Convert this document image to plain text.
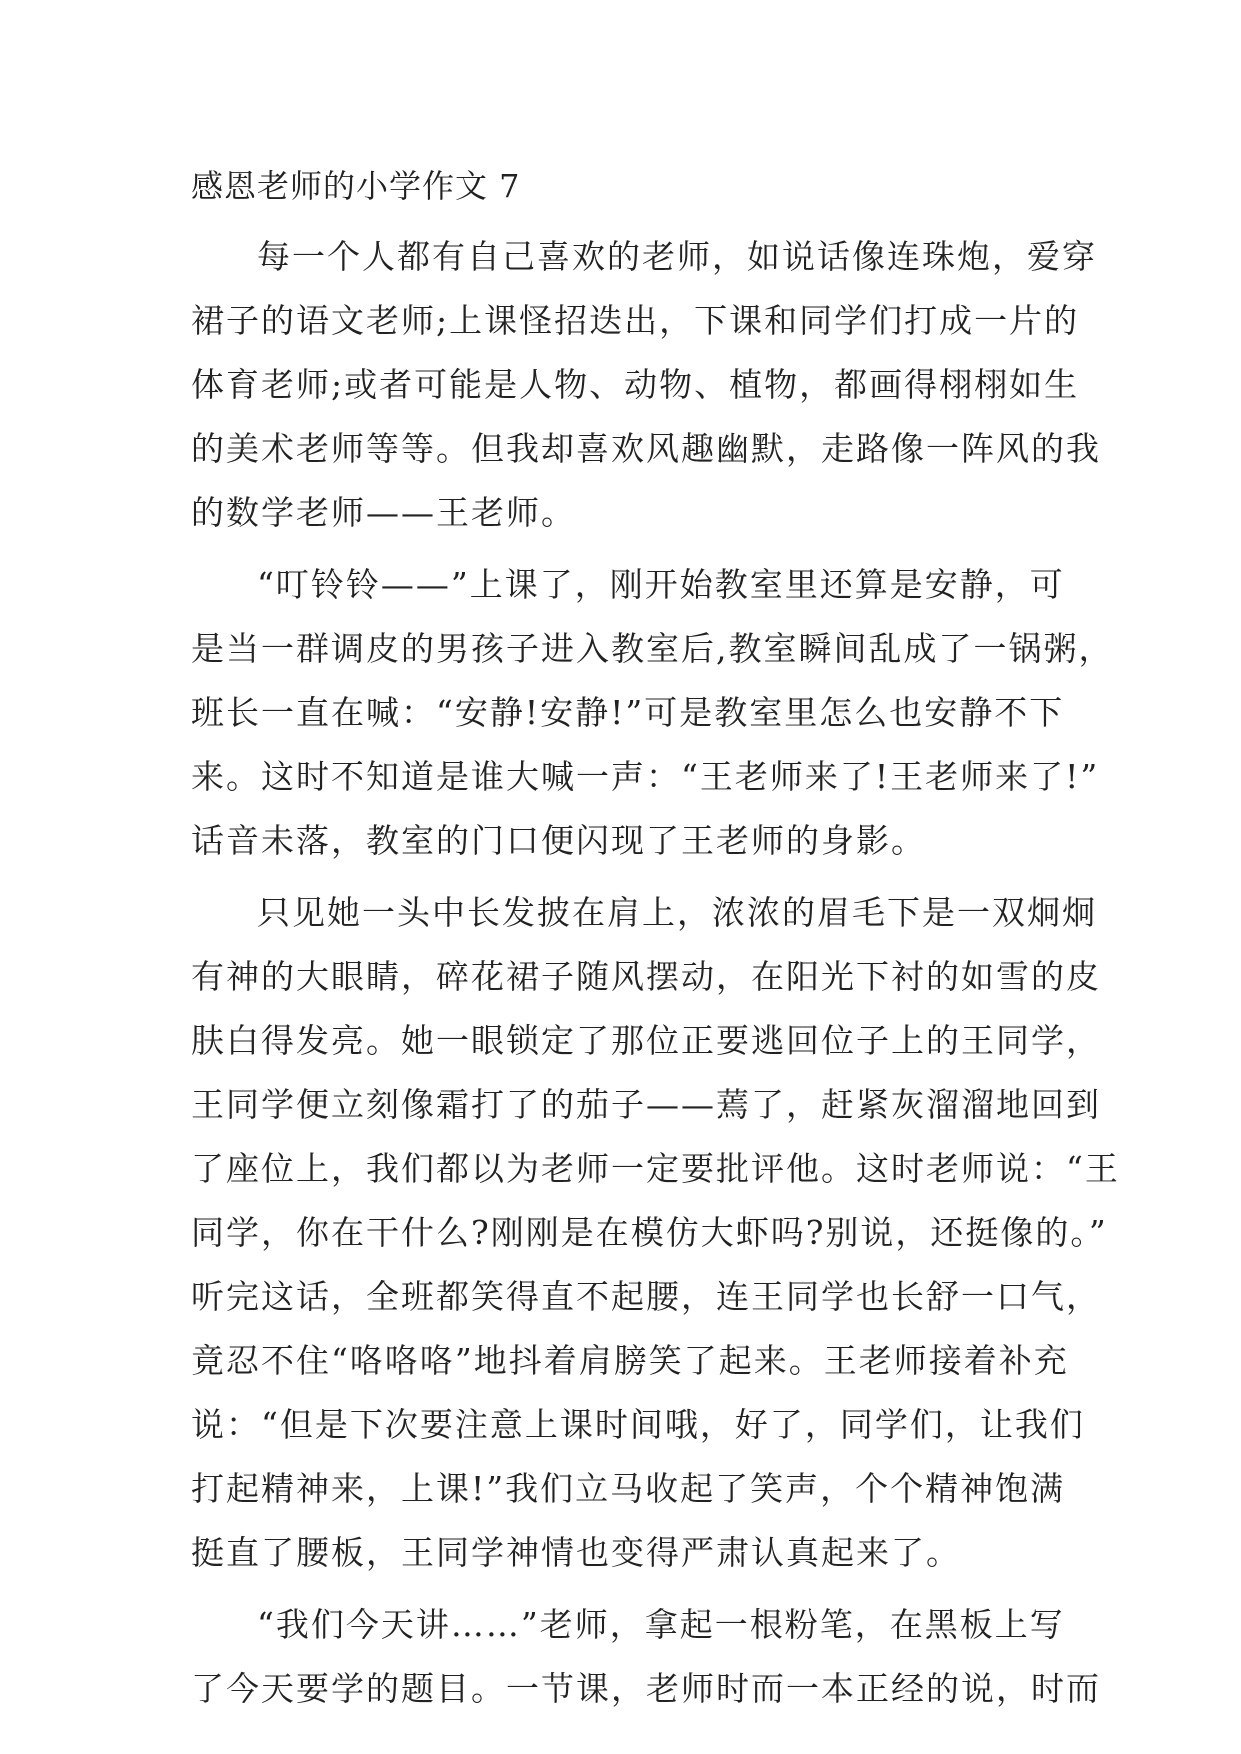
感恩老师的小学作文 7

每一个人都有自己喜欢的老师，如说话像连珠炮，爱穿
裙子的语文老师;上课怪招迭出，下课和同学们打成一片的
体育老师;或者可能是人物、动物、植物，都画得栩栩如生
的美术老师等等。但我却喜欢风趣幽默，走路像一阵风的我
的数学老师——王老师。

“叮铃铃——”上课了，刚开始教室里还算是安静，可
是当一群调皮的男孩子进入教室后,教室瞬间乱成了一锅粥，
班长一直在喊：“安静!安静!”可是教室里怎么也安静不下
来。这时不知道是谁大喊一声：“王老师来了!王老师来了!”
话音未落，教室的门口便闪现了王老师的身影。

只见她一头中长发披在肩上，浓浓的眉毛下是一双炯炯
有神的大眼睛，碎花裙子随风摆动，在阳光下衬的如雪的皮
肤白得发亮。她一眼锁定了那位正要逃回位子上的王同学，
王同学便立刻像霜打了的茄子——蔫了，赶紧灰溜溜地回到
了座位上，我们都以为老师一定要批评他。这时老师说：“王
同学，你在干什么?刚刚是在模仿大虾吗?别说，还挺像的。”
听完这话，全班都笑得直不起腰，连王同学也长舒一口气，
竟忍不住“咯咯咯”地抖着肩膀笑了起来。王老师接着补充
说：“但是下次要注意上课时间哦，好了，同学们，让我们
打起精神来，上课!”我们立马收起了笑声，个个精神饱满
挺直了腰板，王同学神情也变得严肃认真起来了。

“我们今天讲……”老师，拿起一根粉笔，在黑板上写
了今天要学的题目。一节课，老师时而一本正经的说，时而
